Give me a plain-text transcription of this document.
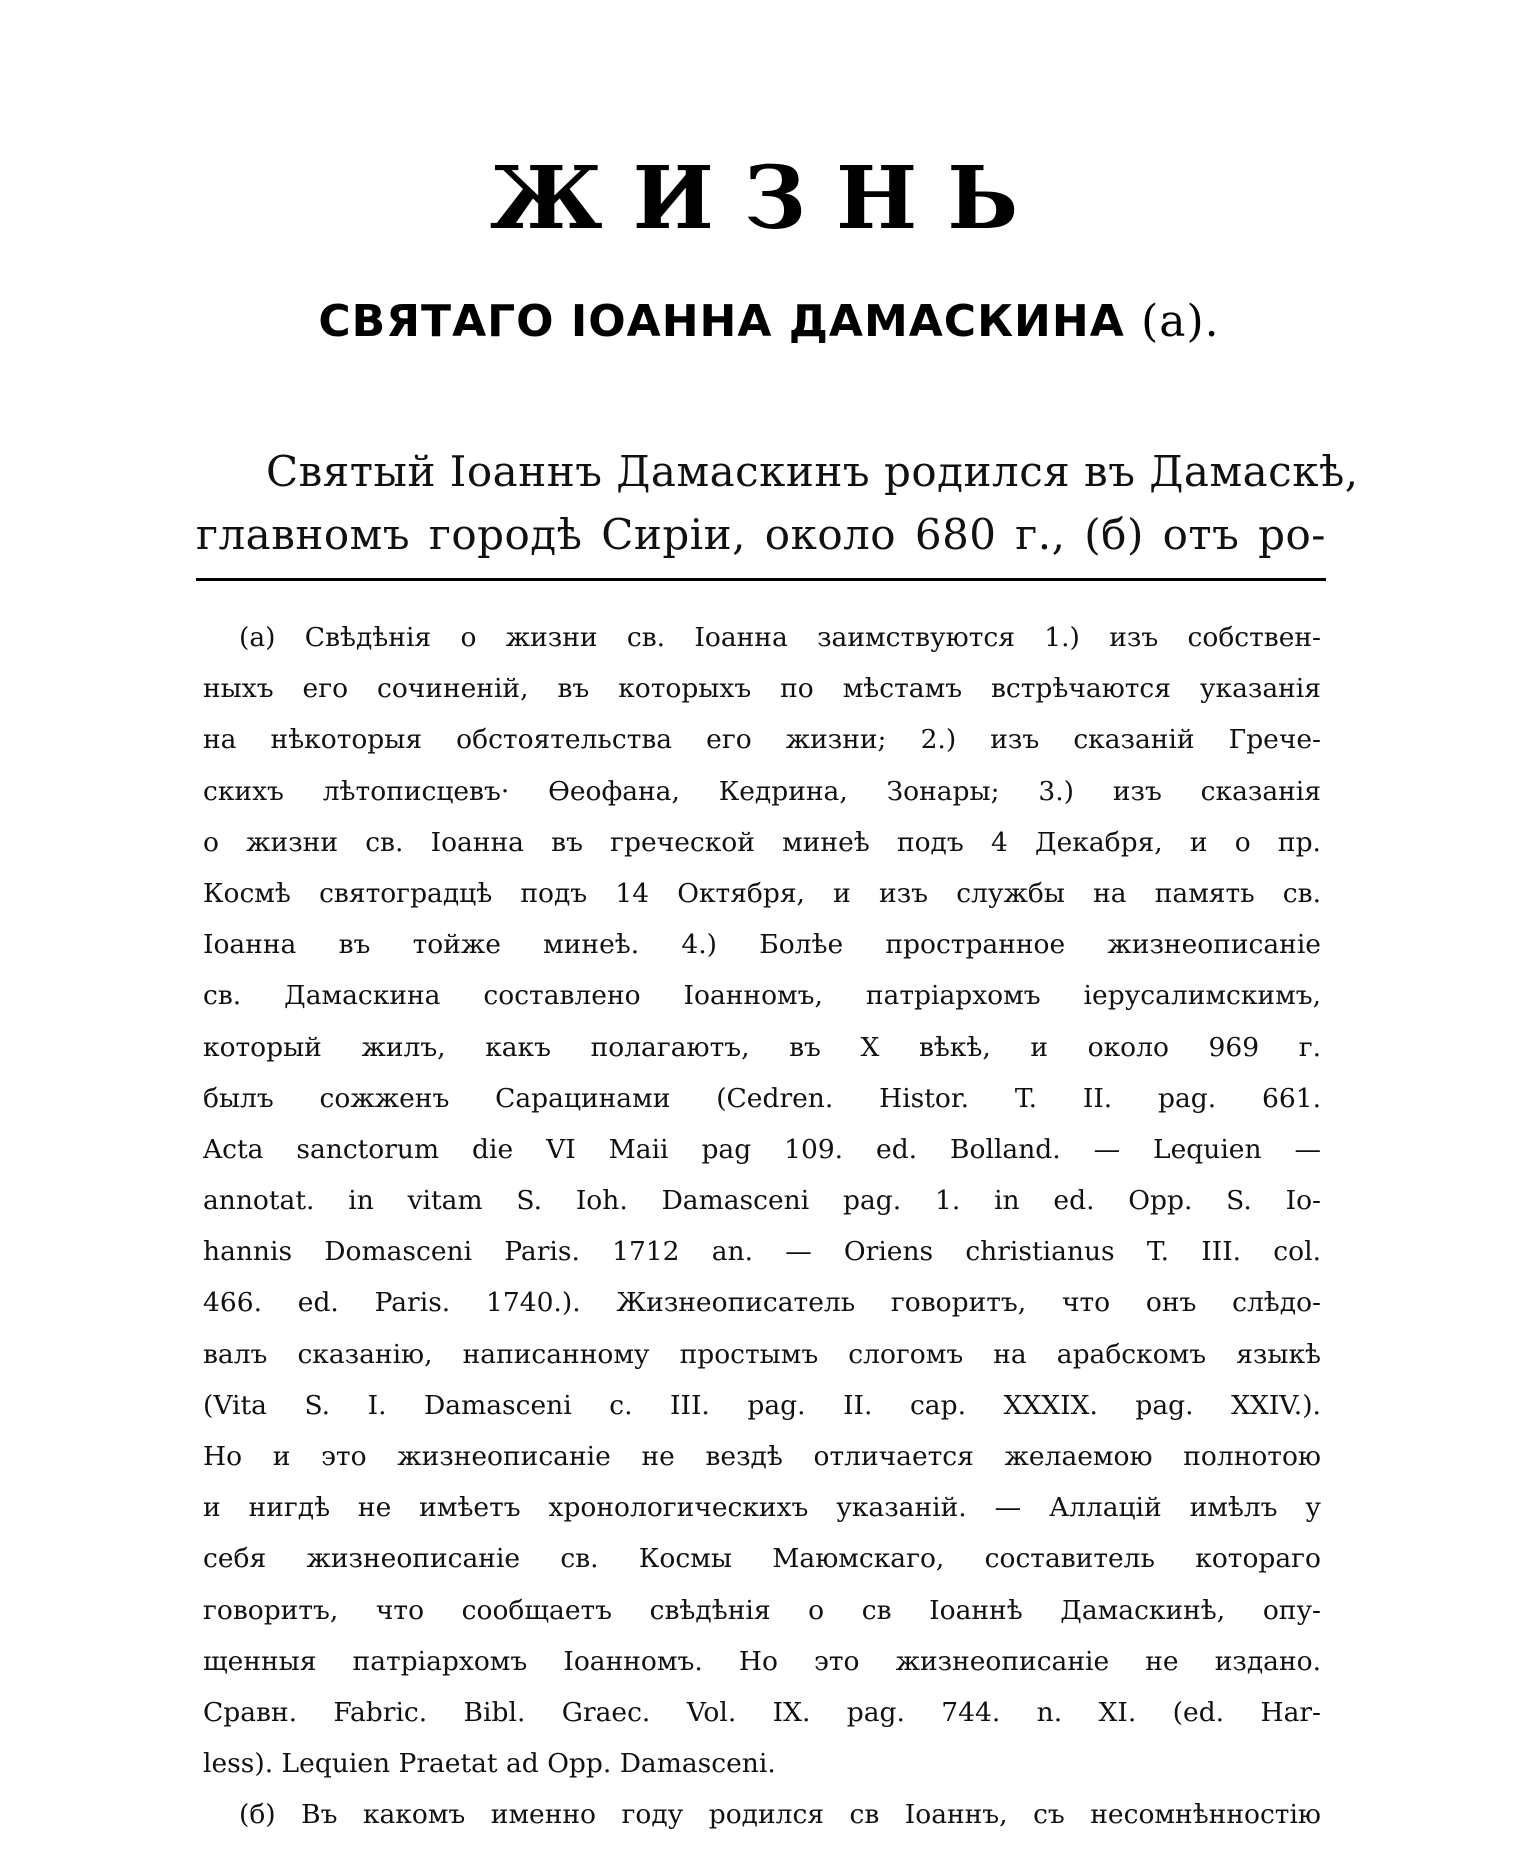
ЖИЗНЬ
СВЯТАГО ІОАННА ДАМАСКИНА (а).
Святый Іоаннъ Дамаскинъ родился въ Дамаскѣ,
главномъ городѣ Сиріи, около 680 г., (б) отъ ро-
(а) Свѣдѣнія о жизни св. Іоанна заимствуются 1.) изъ собствен-
ныхъ его сочиненій, въ которыхъ по мѣстамъ встрѣчаются указанія
на нѣкоторыя обстоятельства его жизни; 2.) изъ сказаній Грече-
скихъ лѣтописцевъ· Өеофана, Кедрина, Зонары; 3.) изъ сказанія
о жизни св. Іоанна въ греческой минеѣ подъ 4 Декабря, и о пр.
Космѣ святоградцѣ подъ 14 Октября, и изъ службы на память св.
Іоанна въ тойже минеѣ. 4.) Болѣе пространное жизнеописаніе
св. Дамаскина составлено Іоанномъ, патріархомъ іерусалимскимъ,
который жилъ, какъ полагаютъ, въ X вѣкѣ, и около 969 г.
былъ сожженъ Сарацинами (Cedren. Histor. T. II. pag. 661.
Acta sanctorum die VI Maii pag 109. ed. Bolland. — Lequien —
annotat. in vitam S. Ioh. Damasceni pag. 1. in ed. Opp. S. Io-
hannis Domasceni Paris. 1712 an. — Oriens christianus T. III. col.
466. ed. Paris. 1740.). Жизнеописатель говоритъ, что онъ слѣдо-
валъ сказанію, написанному простымъ слогомъ на арабскомъ языкѣ
(Vita S. I. Damasceni c. III. pag. II. cap. XXXIX. pag. XXIV.).
Но и это жизнеописаніе не вездѣ отличается желаемою полнотою
и нигдѣ не имѣетъ хронологическихъ указаній. — Аллацій имѣлъ у
себя жизнеописаніе св. Космы Маюмскаго, составитель котораго
говоритъ, что сообщаетъ свѣдѣнія о св Іоаннѣ Дамаскинѣ, опу-
щенныя патріархомъ Іоанномъ. Но это жизнеописаніе не издано.
Сравн. Fabric. Bibl. Graec. Vol. IX. pag. 744. n. XI. (ed. Har-
less). Lequien Praetat ad Opp. Damasceni.
(б) Въ какомъ именно году родился св Іоаннъ, съ несомнѣнностію
